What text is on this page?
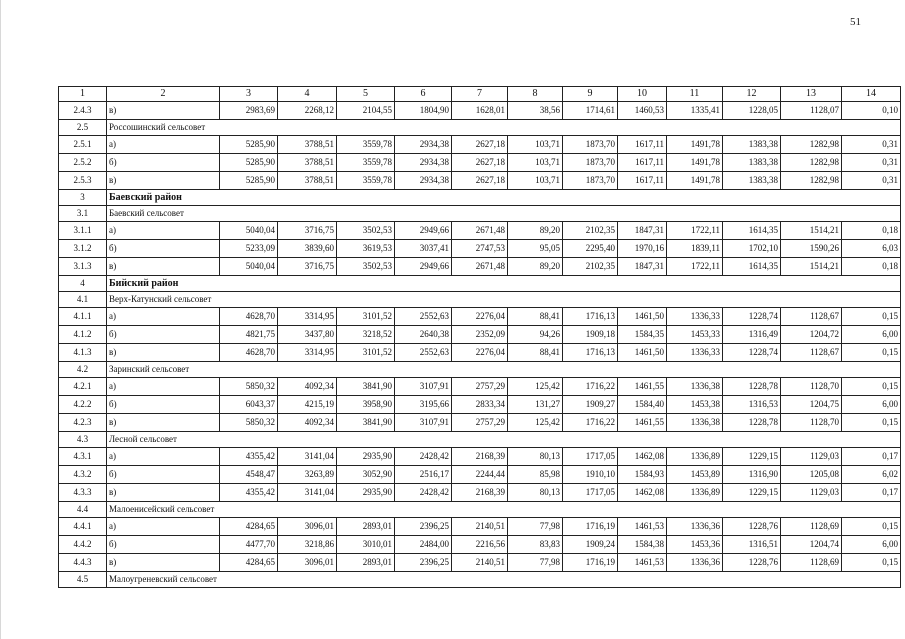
51
1	2	3	4	5	6	7	8	9	10	11	12	13	14
2.4.3	в)	2983,69	2268,12	2104,55	1804,90	1628,01	38,56	1714,61	1460,53	1335,41	1228,05	1128,07	0,10
2.5	Россошинский сельсовет												
2.5.1	а)	5285,90	3788,51	3559,78	2934,38	2627,18	103,71	1873,70	1617,11	1491,78	1383,38	1282,98	0,31
2.5.2	б)	5285,90	3788,51	3559,78	2934,38	2627,18	103,71	1873,70	1617,11	1491,78	1383,38	1282,98	0,31
2.5.3	в)	5285,90	3788,51	3559,78	2934,38	2627,18	103,71	1873,70	1617,11	1491,78	1383,38	1282,98	0,31
3	Баевский район												
3.1	Баевский сельсовет												
3.1.1	а)	5040,04	3716,75	3502,53	2949,66	2671,48	89,20	2102,35	1847,31	1722,11	1614,35	1514,21	0,18
3.1.2	б)	5233,09	3839,60	3619,53	3037,41	2747,53	95,05	2295,40	1970,16	1839,11	1702,10	1590,26	6,03
3.1.3	в)	5040,04	3716,75	3502,53	2949,66	2671,48	89,20	2102,35	1847,31	1722,11	1614,35	1514,21	0,18
4	Бийский район												
4.1	Верх-Катунский сельсовет												
4.1.1	а)	4628,70	3314,95	3101,52	2552,63	2276,04	88,41	1716,13	1461,50	1336,33	1228,74	1128,67	0,15
4.1.2	б)	4821,75	3437,80	3218,52	2640,38	2352,09	94,26	1909,18	1584,35	1453,33	1316,49	1204,72	6,00
4.1.3	в)	4628,70	3314,95	3101,52	2552,63	2276,04	88,41	1716,13	1461,50	1336,33	1228,74	1128,67	0,15
4.2	Заринский сельсовет												
4.2.1	а)	5850,32	4092,34	3841,90	3107,91	2757,29	125,42	1716,22	1461,55	1336,38	1228,78	1128,70	0,15
4.2.2	б)	6043,37	4215,19	3958,90	3195,66	2833,34	131,27	1909,27	1584,40	1453,38	1316,53	1204,75	6,00
4.2.3	в)	5850,32	4092,34	3841,90	3107,91	2757,29	125,42	1716,22	1461,55	1336,38	1228,78	1128,70	0,15
4.3	Лесной сельсовет												
4.3.1	а)	4355,42	3141,04	2935,90	2428,42	2168,39	80,13	1717,05	1462,08	1336,89	1229,15	1129,03	0,17
4.3.2	б)	4548,47	3263,89	3052,90	2516,17	2244,44	85,98	1910,10	1584,93	1453,89	1316,90	1205,08	6,02
4.3.3	в)	4355,42	3141,04	2935,90	2428,42	2168,39	80,13	1717,05	1462,08	1336,89	1229,15	1129,03	0,17
4.4	Малоенисейский сельсовет												
4.4.1	а)	4284,65	3096,01	2893,01	2396,25	2140,51	77,98	1716,19	1461,53	1336,36	1228,76	1128,69	0,15
4.4.2	б)	4477,70	3218,86	3010,01	2484,00	2216,56	83,83	1909,24	1584,38	1453,36	1316,51	1204,74	6,00
4.4.3	в)	4284,65	3096,01	2893,01	2396,25	2140,51	77,98	1716,19	1461,53	1336,36	1228,76	1128,69	0,15
4.5	Малоугреневский сельсовет												
